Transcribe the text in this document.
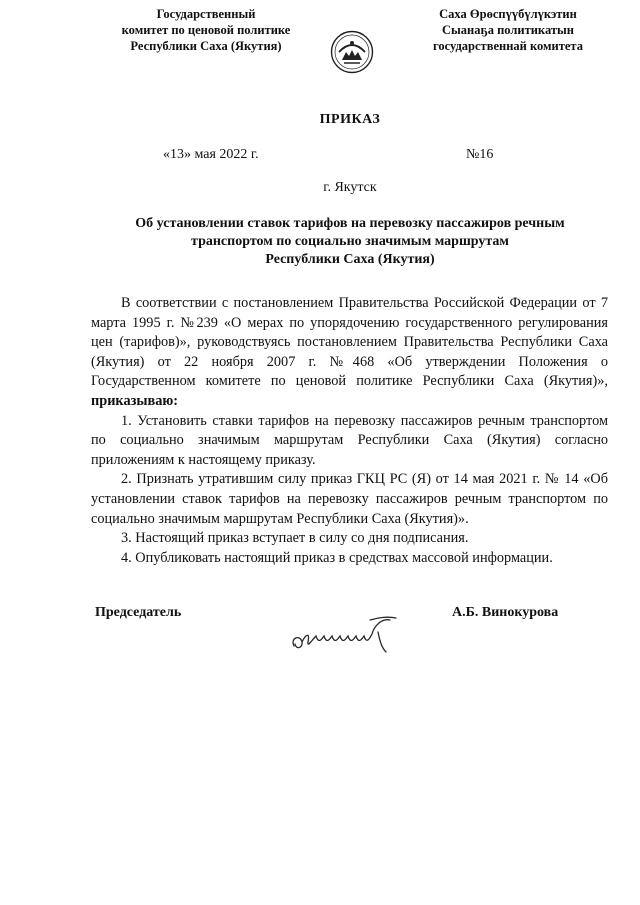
Государственный
комитет по ценовой политике
Республики Саха (Якутия)
Саха Өрөспүүбүлүкэтин
Сыанаҕа политикатын
государственнай комитета
ПРИКАЗ
«13» мая 2022 г.	№16
г. Якутск
Об установлении ставок тарифов на перевозку пассажиров речным
транспортом по социально значимым маршрутам
Республики Саха (Якутия)

В соответствии с постановлением Правительства Российской Федерации от 7 марта 1995 г. №239 «О мерах по упорядочению государственного регулирования цен (тарифов)», руководствуясь постановлением Правительства Республики Саха (Якутия) от 22 ноября 2007 г. №468 «Об утверждении Положения о Государственном комитете по ценовой политике Республики Саха (Якутия)», приказываю:

1. Установить ставки тарифов на перевозку пассажиров речным транспортом по социально значимым маршрутам Республики Саха (Якутия) согласно приложениям к настоящему приказу.

2. Признать утратившим силу приказ ГКЦ РС (Я) от 14 мая 2021 г. № 14 «Об установлении ставок тарифов на перевозку пассажиров речным транспортом по социально значимым маршрутам Республики Саха (Якутия)».

3. Настоящий приказ вступает в силу со дня подписания.

4. Опубликовать настоящий приказ в средствах массовой информации.

Председатель	А.Б. Винокурова
